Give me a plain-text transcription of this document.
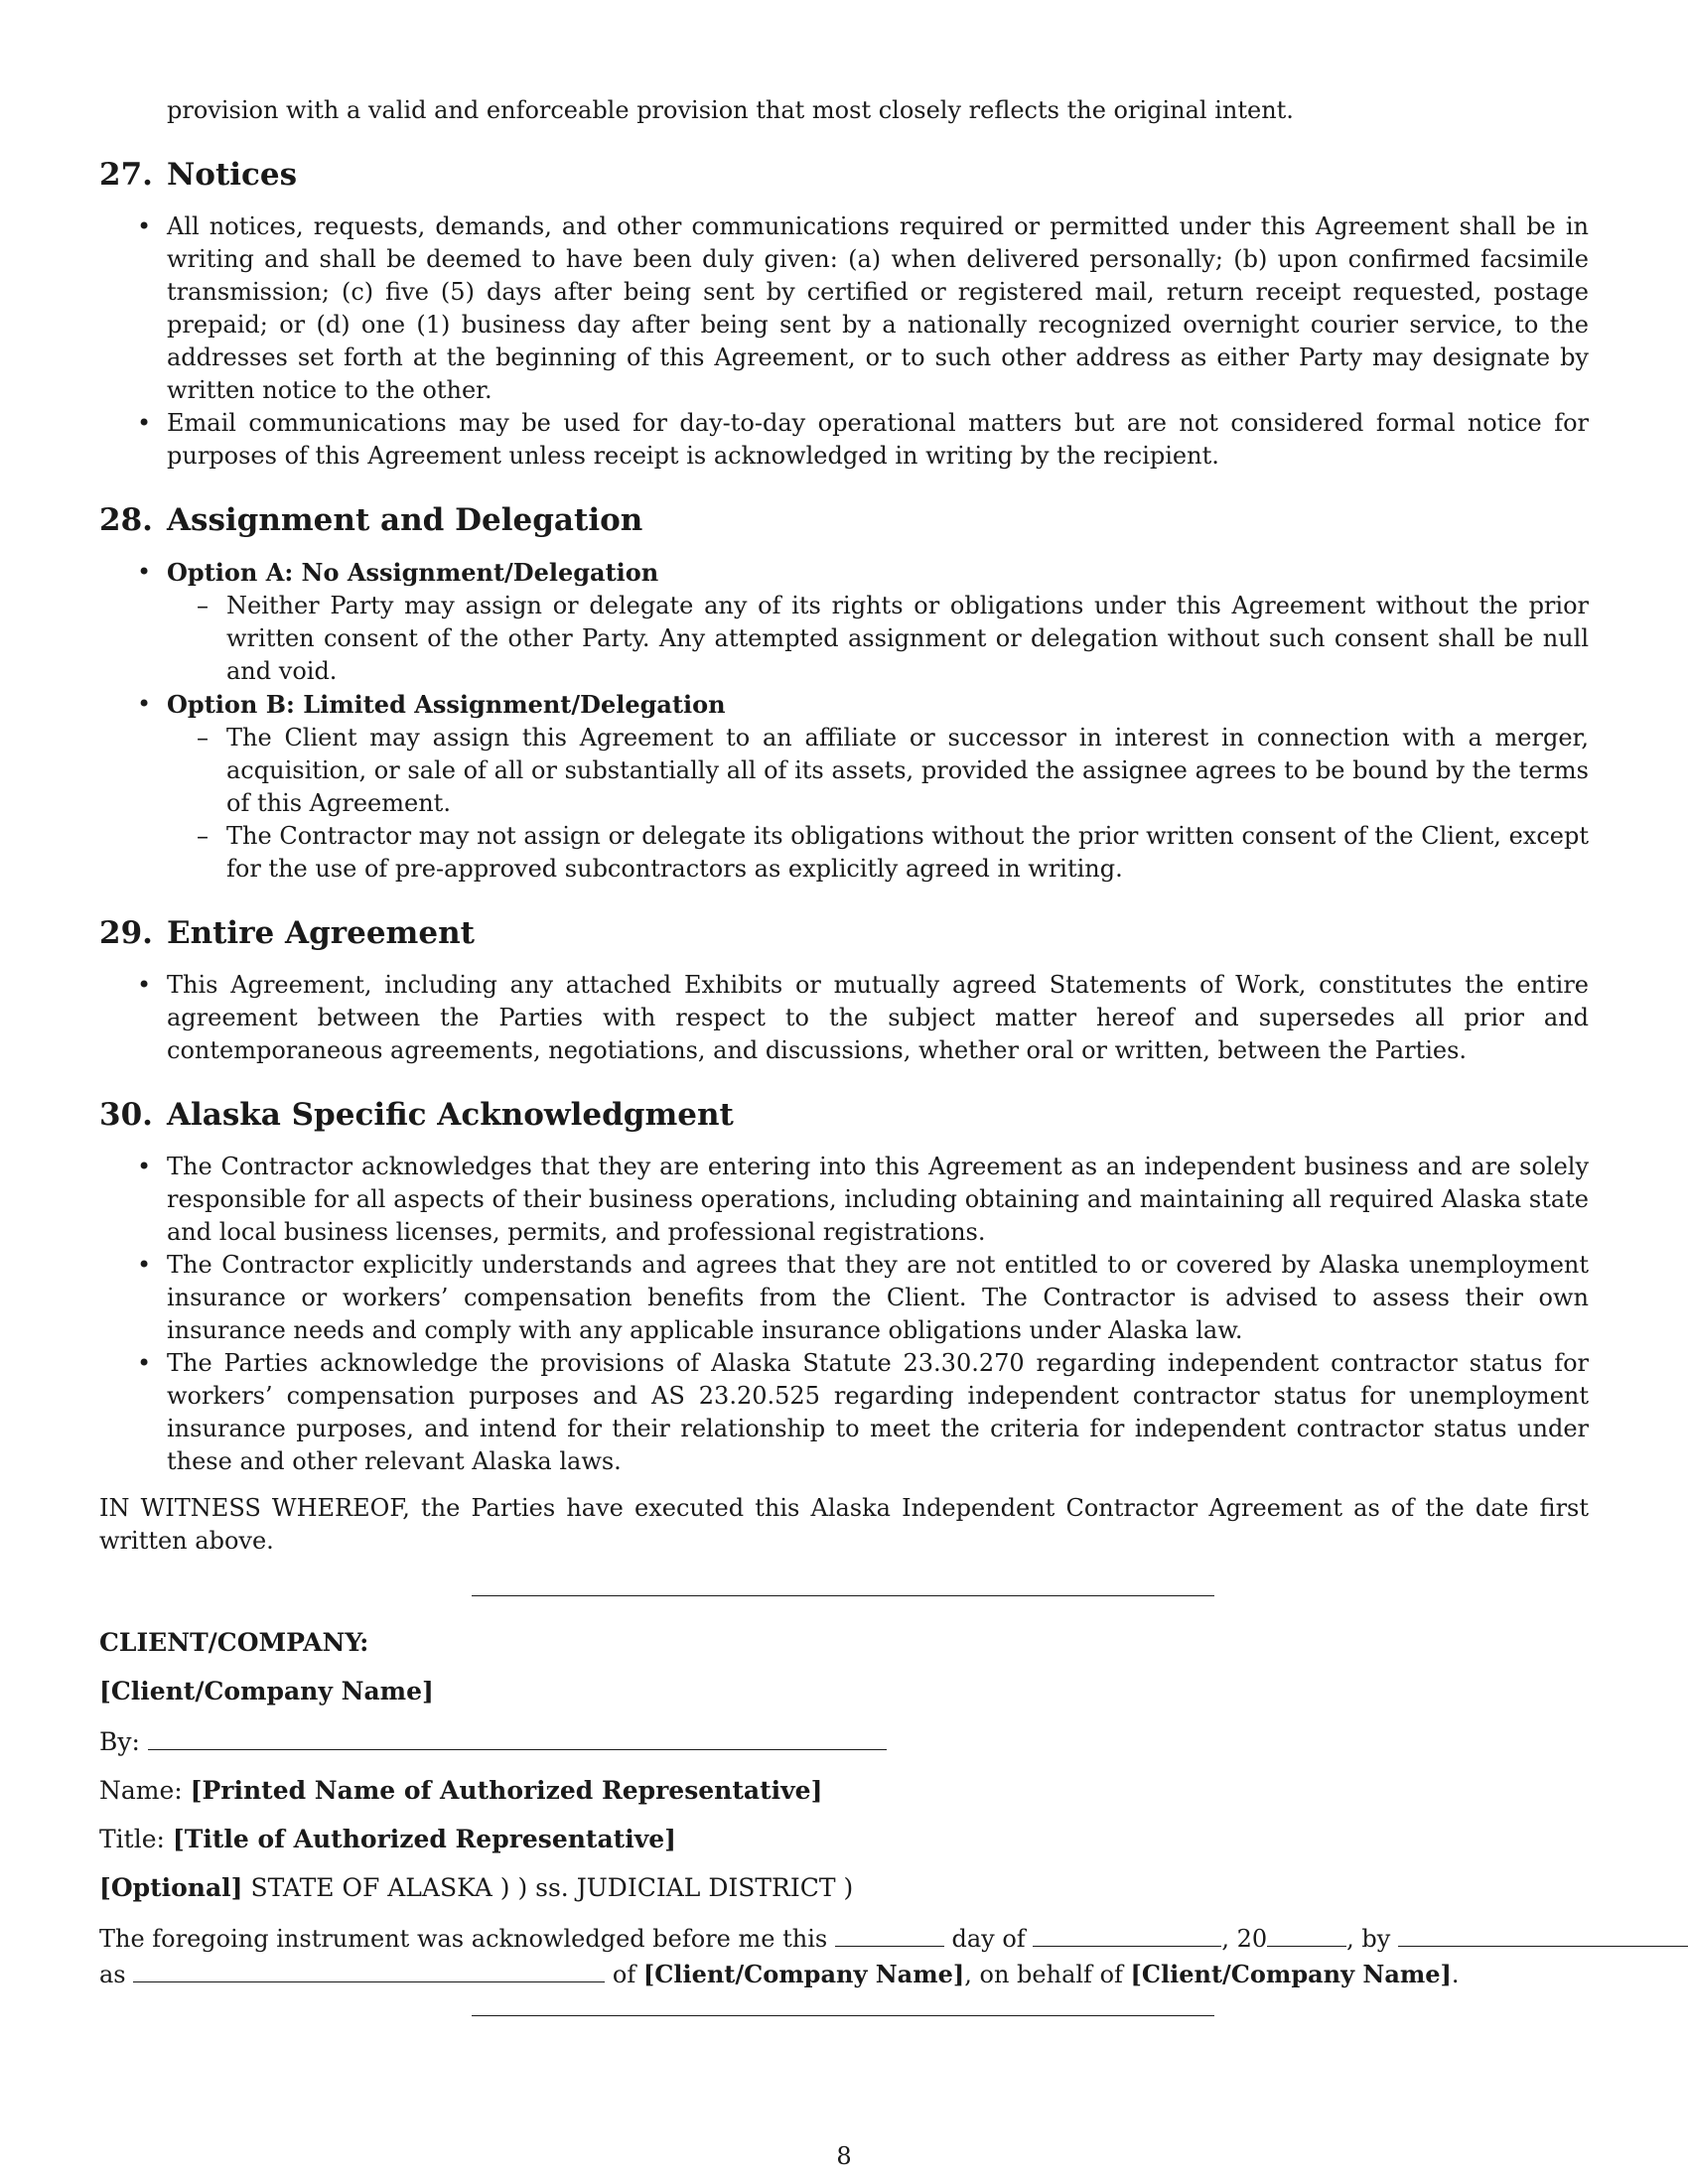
provision with a valid and enforceable provision that most closely reflects the original intent.

27. Notices
• All notices, requests, demands, and other communications required or permitted under this Agreement shall be in writing and shall be deemed to have been duly given: (a) when delivered personally; (b) upon confirmed facsimile transmission; (c) five (5) days after being sent by certified or registered mail, return receipt requested, postage prepaid; or (d) one (1) business day after being sent by a nationally recognized overnight courier service, to the addresses set forth at the beginning of this Agreement, or to such other address as either Party may designate by written notice to the other.
• Email communications may be used for day-to-day operational matters but are not considered formal notice for purposes of this Agreement unless receipt is acknowledged in writing by the recipient.
28. Assignment and Delegation
• Option A: No Assignment/Delegation
– Neither Party may assign or delegate any of its rights or obligations under this Agreement without the prior written consent of the other Party. Any attempted assignment or delegation without such consent shall be null and void.
• Option B: Limited Assignment/Delegation
– The Client may assign this Agreement to an affiliate or successor in interest in connection with a merger, acquisition, or sale of all or substantially all of its assets, provided the assignee agrees to be bound by the terms of this Agreement.
– The Contractor may not assign or delegate its obligations without the prior written consent of the Client, except for the use of pre-approved subcontractors as explicitly agreed in writing.
29. Entire Agreement
• This Agreement, including any attached Exhibits or mutually agreed Statements of Work, constitutes the entire agreement between the Parties with respect to the subject matter hereof and supersedes all prior and contemporaneous agreements, negotiations, and discussions, whether oral or written, between the Parties.
30. Alaska Specific Acknowledgment
• The Contractor acknowledges that they are entering into this Agreement as an independent business and are solely responsible for all aspects of their business operations, including obtaining and maintaining all required Alaska state and local business licenses, permits, and professional registrations.
• The Contractor explicitly understands and agrees that they are not entitled to or covered by Alaska unemployment insurance or workers’ compensation benefits from the Client. The Contractor is advised to assess their own insurance needs and comply with any applicable insurance obligations under Alaska law.
• The Parties acknowledge the provisions of Alaska Statute 23.30.270 regarding independent contractor status for workers’ compensation purposes and AS 23.20.525 regarding independent contractor status for unemployment insurance purposes, and intend for their relationship to meet the criteria for independent contractor status under these and other relevant Alaska laws.

IN WITNESS WHEREOF, the Parties have executed this Alaska Independent Contractor Agreement as of the date first written above.

CLIENT/COMPANY:
[Client/Company Name]
By:
Name: [Printed Name of Authorized Representative]
Title: [Title of Authorized Representative]
[Optional] STATE OF ALASKA ) ) ss. JUDICIAL DISTRICT )
The foregoing instrument was acknowledged before me this	day of	, 20	, by
as	of [Client/Company Name], on behalf of [Client/Company Name].
8
